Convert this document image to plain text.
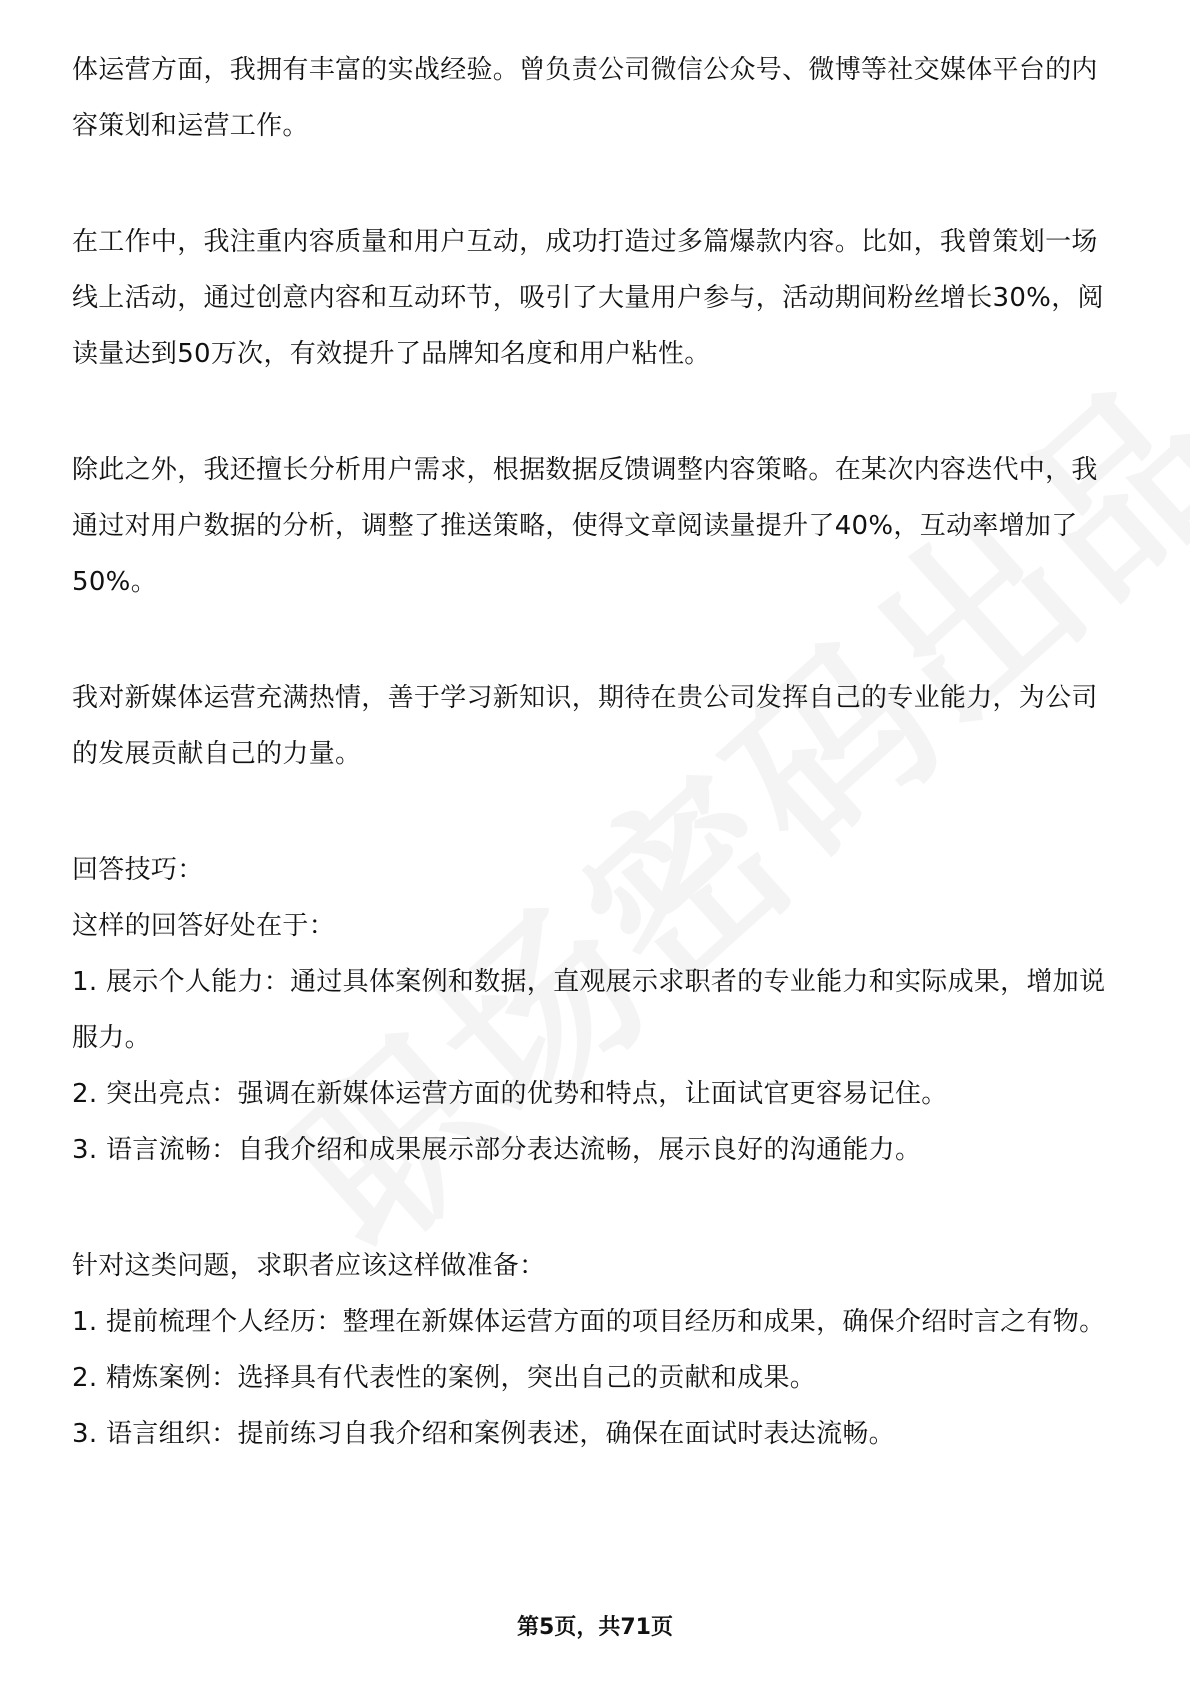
体运营方面，我拥有丰富的实战经验。曾负责公司微信公众号、微博等社交媒体平台的内容策划和运营工作。

在工作中，我注重内容质量和用户互动，成功打造过多篇爆款内容。比如，我曾策划一场线上活动，通过创意内容和互动环节，吸引了大量用户参与，活动期间粉丝增长30%，阅读量达到50万次，有效提升了品牌知名度和用户粘性。

除此之外，我还擅长分析用户需求，根据数据反馈调整内容策略。在某次内容迭代中，我通过对用户数据的分析，调整了推送策略，使得文章阅读量提升了40%，互动率增加了50%。

我对新媒体运营充满热情，善于学习新知识，期待在贵公司发挥自己的专业能力，为公司的发展贡献自己的力量。

回答技巧：

这样的回答好处在于：

1. 展示个人能力：通过具体案例和数据，直观展示求职者的专业能力和实际成果，增加说服力。

2. 突出亮点：强调在新媒体运营方面的优势和特点，让面试官更容易记住。

3. 语言流畅：自我介绍和成果展示部分表达流畅，展示良好的沟通能力。

针对这类问题，求职者应该这样做准备：

1. 提前梳理个人经历：整理在新媒体运营方面的项目经历和成果，确保介绍时言之有物。

2. 精炼案例：选择具有代表性的案例，突出自己的贡献和成果。

3. 语言组织：提前练习自我介绍和案例表述，确保在面试时表达流畅。

第5页，共71页
